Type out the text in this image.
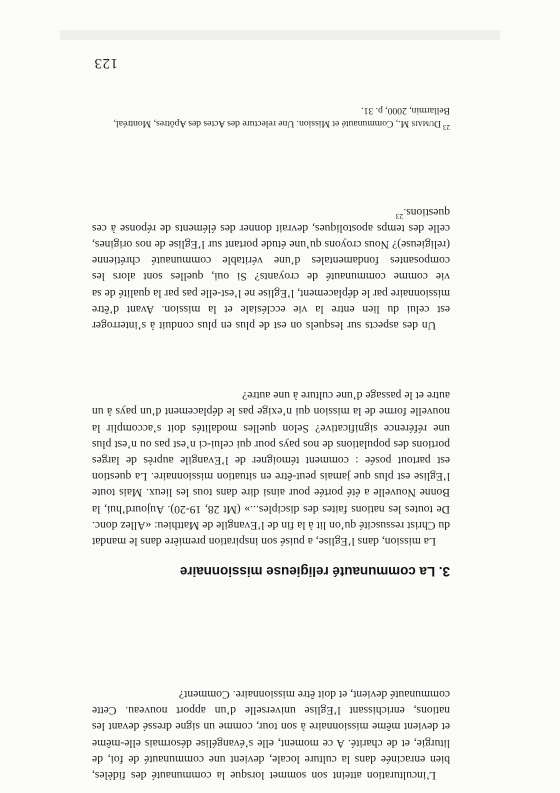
L’inculturation atteint son sommet lorsque la communauté des fidèles, bien enracinée dans la culture locale, devient une communauté de foi, de liturgie, et de charité. A ce moment, elle s’évangélise désormais elle-même et devient même missionnaire à son tour, comme un signe dressé devant les nations, enrichissant l’Eglise universelle d’un apport nouveau. Cette communauté devient, et doit être missionnaire. Comment?

3. La communauté religieuse missionnaire

La mission, dans l’Eglise, a puisé son inspiration première dans le mandat du Christ ressuscité qu’on lit à la fin de l’Evangile de Matthieu: «Allez donc. De toutes les nations faites des disciples...» (Mt 28, 19-20). Aujourd’hui, la Bonne Nouvelle a été portée pour ainsi dire dans tous les lieux. Mais toute l’Eglise est plus que jamais peut-être en situation missionnaire. La question est partout posée : comment témoigner de l’Evangile auprès de larges portions des populations de nos pays pour qui celui-ci n’est pas ou n’est plus une référence significative? Selon quelles modalités doit s’accomplir la nouvelle forme de la mission qui n’exige pas le déplacement d’un pays à un autre et le passage d’une culture à une autre?

Un des aspects sur lesquels on est de plus en plus conduit à s’interroger est celui du lien entre la vie ecclésiale et la mission. Avant d’être missionnaire par le déplacement, l’Eglise ne l’est-elle pas par la qualité de sa vie comme communauté de croyants? Si oui, quelles sont alors les composantes fondamentales d’une véritable communauté chrétienne (religieuse)? Nous croyons qu’une étude portant sur l’Eglise de nos origines, celle des temps apostoliques, devrait donner des éléments de réponse à ces questions.$^{23}$

$^{23}$Dumais M., Communauté et Mission. Une relecture des Actes des Apôtres, Montréal, Bellarmin, 2000, p. 31.

123
